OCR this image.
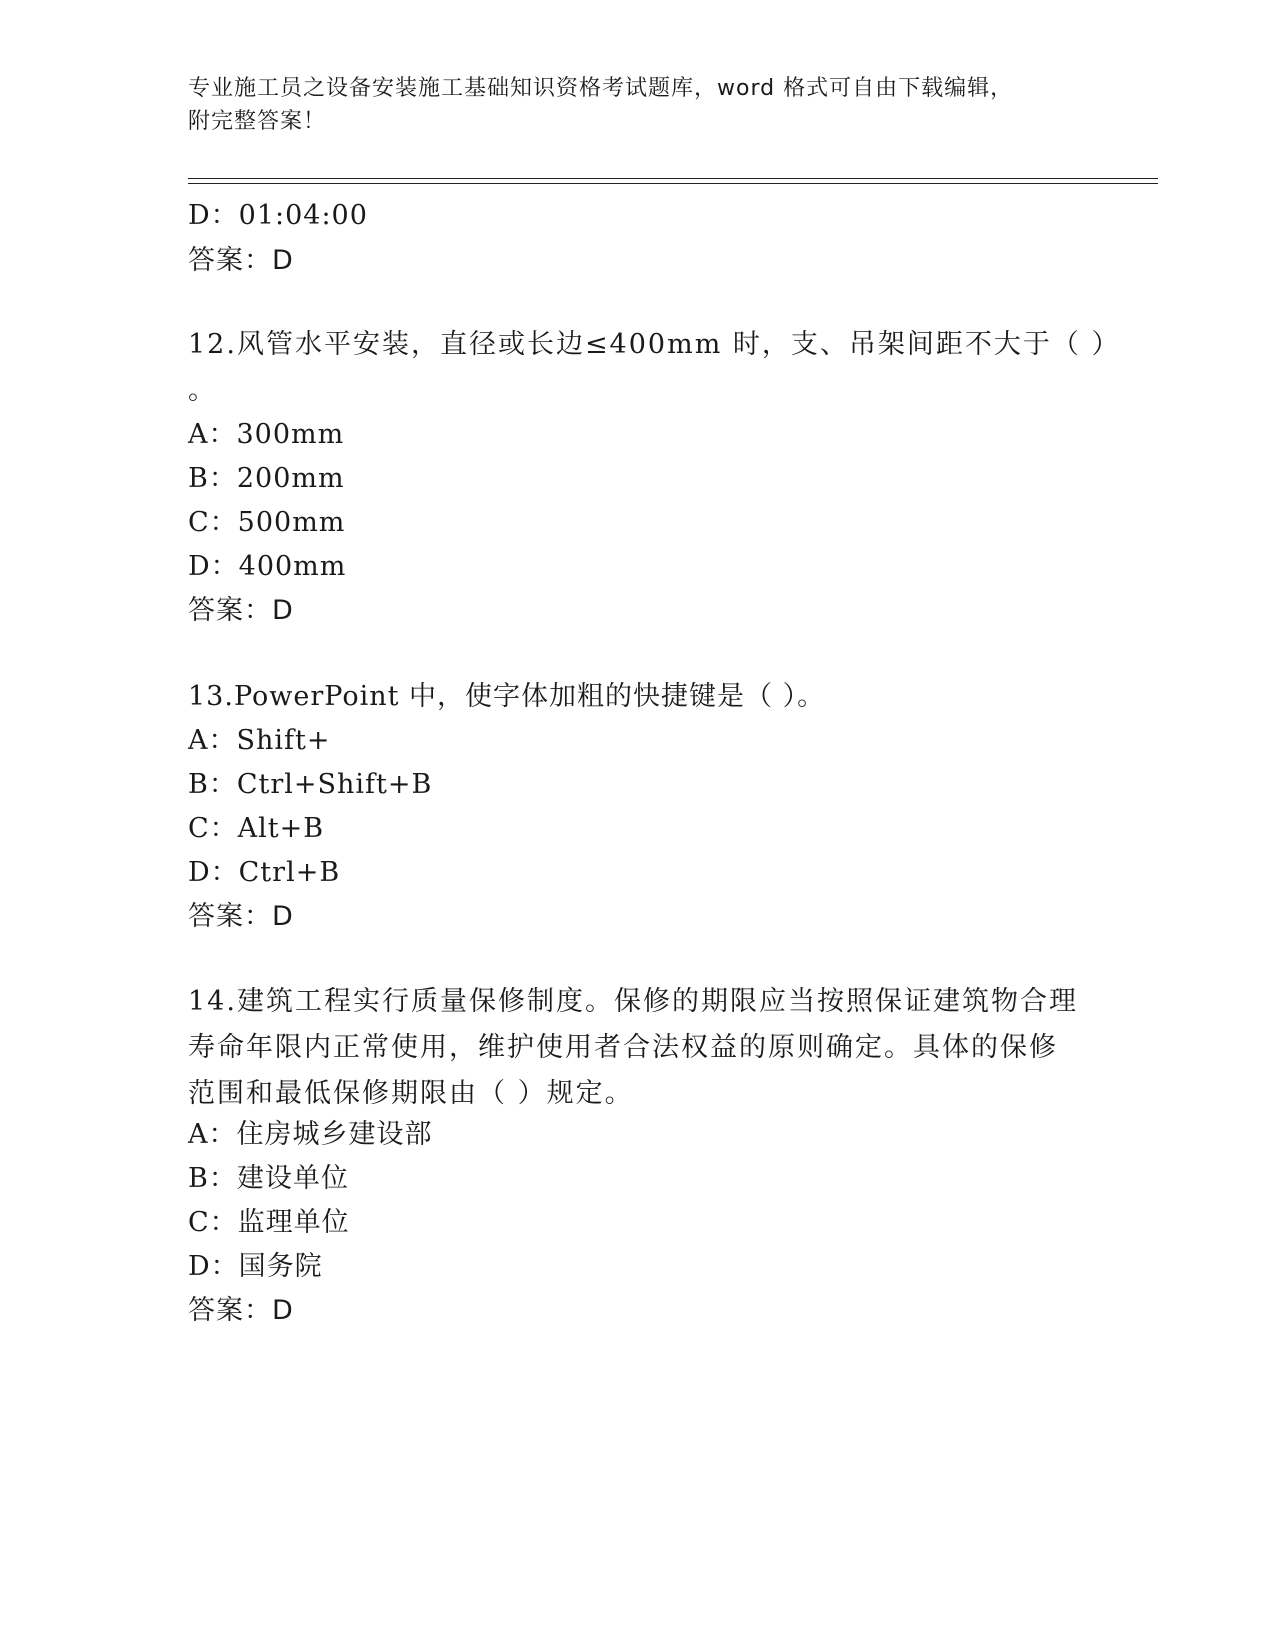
专业施工员之设备安装施工基础知识资格考试题库，word 格式可自由下载编辑，
附完整答案！
D：01:04:00
答案：D
12.风管水平安装，直径或长边≤400mm 时，支、吊架间距不大于（ ）
。
A：300mm
B：200mm
C：500mm
D：400mm
答案：D
13.PowerPoint 中，使字体加粗的快捷键是（ ）。
A：Shift+
B：Ctrl+Shift+B
C：Alt+B
D：Ctrl+B
答案：D
14.建筑工程实行质量保修制度。保修的期限应当按照保证建筑物合理
寿命年限内正常使用，维护使用者合法权益的原则确定。具体的保修
范围和最低保修期限由（ ）规定。
A：住房城乡建设部
B：建设单位
C：监理单位
D：国务院
答案：D
